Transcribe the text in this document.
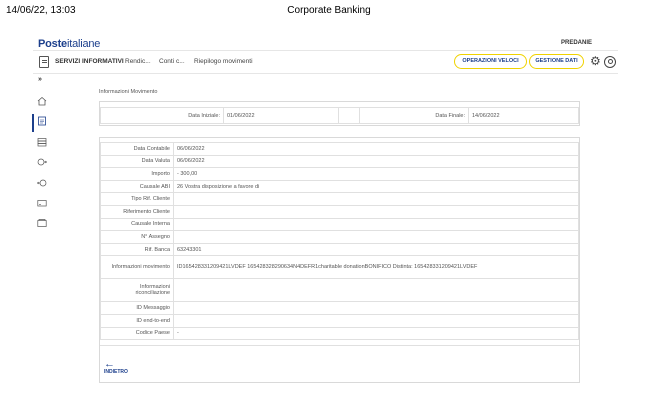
14/06/22, 13:03	Corporate Banking
Posteitaliane	PREDANIE
SERVIZI INFORMATIVI Rendic... Conti c... Riepilogo movimenti	OPERAZIONI VELOCI	GESTIONE DATI	⚙
»
Informazioni Movimento
Data Iniziale:	01/06/2022		Data Finale:	14/06/2022
Data Contabile	06/06/2022
Data Valuta	06/06/2022
Importo	- 300,00
Causale ABI	26 Vostra disposizione a favore di
Tipo Rif. Cliente	
Riferimento Cliente	
Causale Interna	
N° Assegno	
Rif. Banca	63243301
Informazioni movimento	ID165428331209421LVDEF 165428328290634N4DEFR1charitable donationBONIFICO Distinta: 165428331209421LVDEF
Informazioni riconciliazione	
ID Messaggio	
ID end-to-end	
Codice Paese	-
←
INDIETRO
